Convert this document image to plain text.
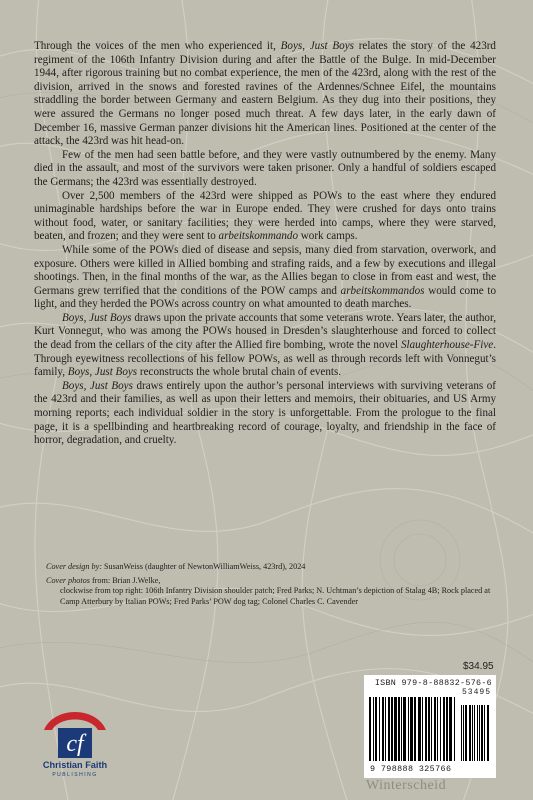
Through the voices of the men who experienced it, Boys, Just Boys relates the story of the 423rd regiment of the 106th Infantry Division during and after the Battle of the Bulge. In mid-December 1944, after rigorous training but no combat experience, the men of the 423rd, along with the rest of the division, arrived in the snows and forested ravines of the Ardennes/Schnee Eifel, the mountains straddling the border between Germany and eastern Belgium. As they dug into their positions, they were assured the Germans no longer posed much threat. A few days later, in the early dawn of December 16, massive German panzer divisions hit the American lines. Positioned at the center of the attack, the 423rd was hit head-on.

Few of the men had seen battle before, and they were vastly outnumbered by the enemy. Many died in the assault, and most of the survivors were taken prisoner. Only a handful of soldiers escaped the Germans; the 423rd was essentially destroyed.

Over 2,500 members of the 423rd were shipped as POWs to the east where they endured unimaginable hardships before the war in Europe ended. They were crushed for days onto trains without food, water, or sanitary facilities; they were herded into camps, where they were starved, beaten, and frozen; and they were sent to arbeitskommando work camps.

While some of the POWs died of disease and sepsis, many died from starvation, overwork, and exposure. Others were killed in Allied bombing and strafing raids, and a few by executions and illegal shootings. Then, in the final months of the war, as the Allies began to close in from east and west, the Germans grew terrified that the conditions of the POW camps and arbeitskommandos would come to light, and they herded the POWs across country on what amounted to death marches.

Boys, Just Boys draws upon the private accounts that some veterans wrote. Years later, the author, Kurt Vonnegut, who was among the POWs housed in Dresden’s slaughterhouse and forced to collect the dead from the cellars of the city after the Allied fire bombing, wrote the novel Slaughterhouse-Five. Through eyewitness recollections of his fellow POWs, as well as through records left with Vonnegut’s family, Boys, Just Boys reconstructs the whole brutal chain of events.

Boys, Just Boys draws entirely upon the author’s personal interviews with surviving veterans of the 423rd and their families, as well as upon their letters and memoirs, their obituaries, and US Army morning reports; each individual soldier in the story is unforgettable. From the prologue to the final page, it is a spellbinding and heartbreaking record of courage, loyalty, and friendship in the face of horror, degradation, and cruelty.

Cover design by: SusanWeiss (daughter of NewtonWilliamWeiss, 423rd), 2024
Cover photos from: Brian J.Welke,
clockwise from top right: 106th Infantry Division shoulder patch; Fred Parks; N. Uchtman’s depiction of Stalag 4B; Rock placed at Camp Atterbury by Italian POWs; Fred Parks’ POW dog tag; Colonel Charles C. Cavender
$34.95
ISBN 979-8-88832-576-6
53495
9 798888 325766
cf
Christian Faith
PUBLISHING
Winterscheid
